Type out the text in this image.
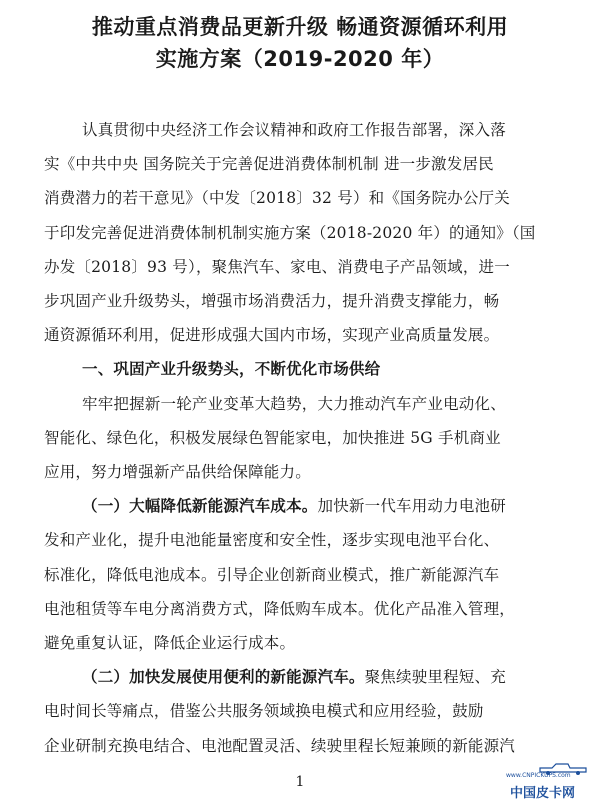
推动重点消费品更新升级 畅通资源循环利用
实施方案（2019-2020 年）
认真贯彻中央经济工作会议精神和政府工作报告部署，深入落
实《中共中央 国务院关于完善促进消费体制机制 进一步激发居民
消费潜力的若干意见》（中发〔2018〕32 号）和《国务院办公厅关
于印发完善促进消费体制机制实施方案（2018-2020 年）的通知》（国
办发〔2018〕93 号），聚焦汽车、家电、消费电子产品领域，进一
步巩固产业升级势头，增强市场消费活力，提升消费支撑能力，畅
通资源循环利用，促进形成强大国内市场，实现产业高质量发展。
一、巩固产业升级势头，不断优化市场供给
牢牢把握新一轮产业变革大趋势，大力推动汽车产业电动化、
智能化、绿色化，积极发展绿色智能家电，加快推进 5G 手机商业
应用，努力增强新产品供给保障能力。
（一）大幅降低新能源汽车成本。加快新一代车用动力电池研
发和产业化，提升电池能量密度和安全性，逐步实现电池平台化、
标准化，降低电池成本。引导企业创新商业模式，推广新能源汽车
电池租赁等车电分离消费方式，降低购车成本。优化产品准入管理，
避免重复认证，降低企业运行成本。
（二）加快发展使用便利的新能源汽车。聚焦续驶里程短、充
电时间长等痛点，借鉴公共服务领域换电模式和应用经验，鼓励
企业研制充换电结合、电池配置灵活、续驶里程长短兼顾的新能源汽
1	www.CNPICKUPS.com
中国皮卡网
